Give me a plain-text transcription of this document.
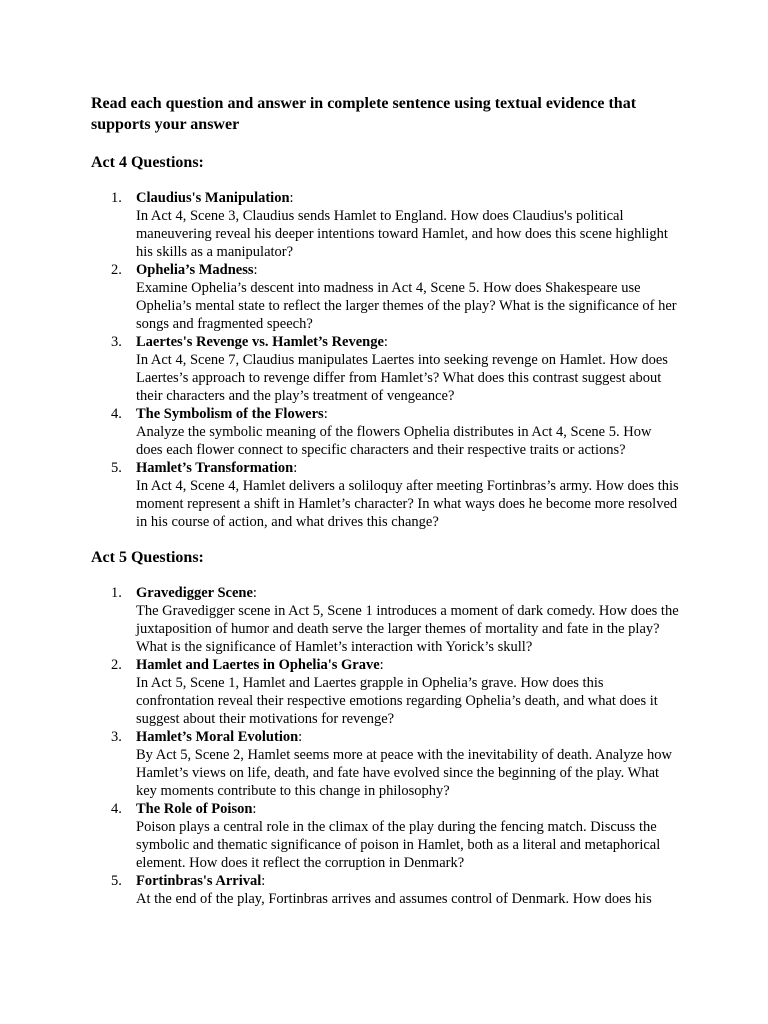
Read each question and answer in complete sentence using textual evidence that supports your answer

Act 4 Questions:

1. Claudius's Manipulation:
In Act 4, Scene 3, Claudius sends Hamlet to England. How does Claudius's political maneuvering reveal his deeper intentions toward Hamlet, and how does this scene highlight his skills as a manipulator?
2. Ophelia’s Madness:
Examine Ophelia’s descent into madness in Act 4, Scene 5. How does Shakespeare use Ophelia’s mental state to reflect the larger themes of the play? What is the significance of her songs and fragmented speech?
3. Laertes's Revenge vs. Hamlet’s Revenge:
In Act 4, Scene 7, Claudius manipulates Laertes into seeking revenge on Hamlet. How does Laertes’s approach to revenge differ from Hamlet’s? What does this contrast suggest about their characters and the play’s treatment of vengeance?
4. The Symbolism of the Flowers:
Analyze the symbolic meaning of the flowers Ophelia distributes in Act 4, Scene 5. How does each flower connect to specific characters and their respective traits or actions?
5. Hamlet’s Transformation:
In Act 4, Scene 4, Hamlet delivers a soliloquy after meeting Fortinbras’s army. How does this moment represent a shift in Hamlet’s character? In what ways does he become more resolved in his course of action, and what drives this change?

Act 5 Questions:

1. Gravedigger Scene:
The Gravedigger scene in Act 5, Scene 1 introduces a moment of dark comedy. How does the juxtaposition of humor and death serve the larger themes of mortality and fate in the play? What is the significance of Hamlet’s interaction with Yorick’s skull?
2. Hamlet and Laertes in Ophelia's Grave:
In Act 5, Scene 1, Hamlet and Laertes grapple in Ophelia’s grave. How does this confrontation reveal their respective emotions regarding Ophelia’s death, and what does it suggest about their motivations for revenge?
3. Hamlet’s Moral Evolution:
By Act 5, Scene 2, Hamlet seems more at peace with the inevitability of death. Analyze how Hamlet’s views on life, death, and fate have evolved since the beginning of the play. What key moments contribute to this change in philosophy?
4. The Role of Poison:
Poison plays a central role in the climax of the play during the fencing match. Discuss the symbolic and thematic significance of poison in Hamlet, both as a literal and metaphorical element. How does it reflect the corruption in Denmark?
5. Fortinbras's Arrival:
At the end of the play, Fortinbras arrives and assumes control of Denmark. How does his
